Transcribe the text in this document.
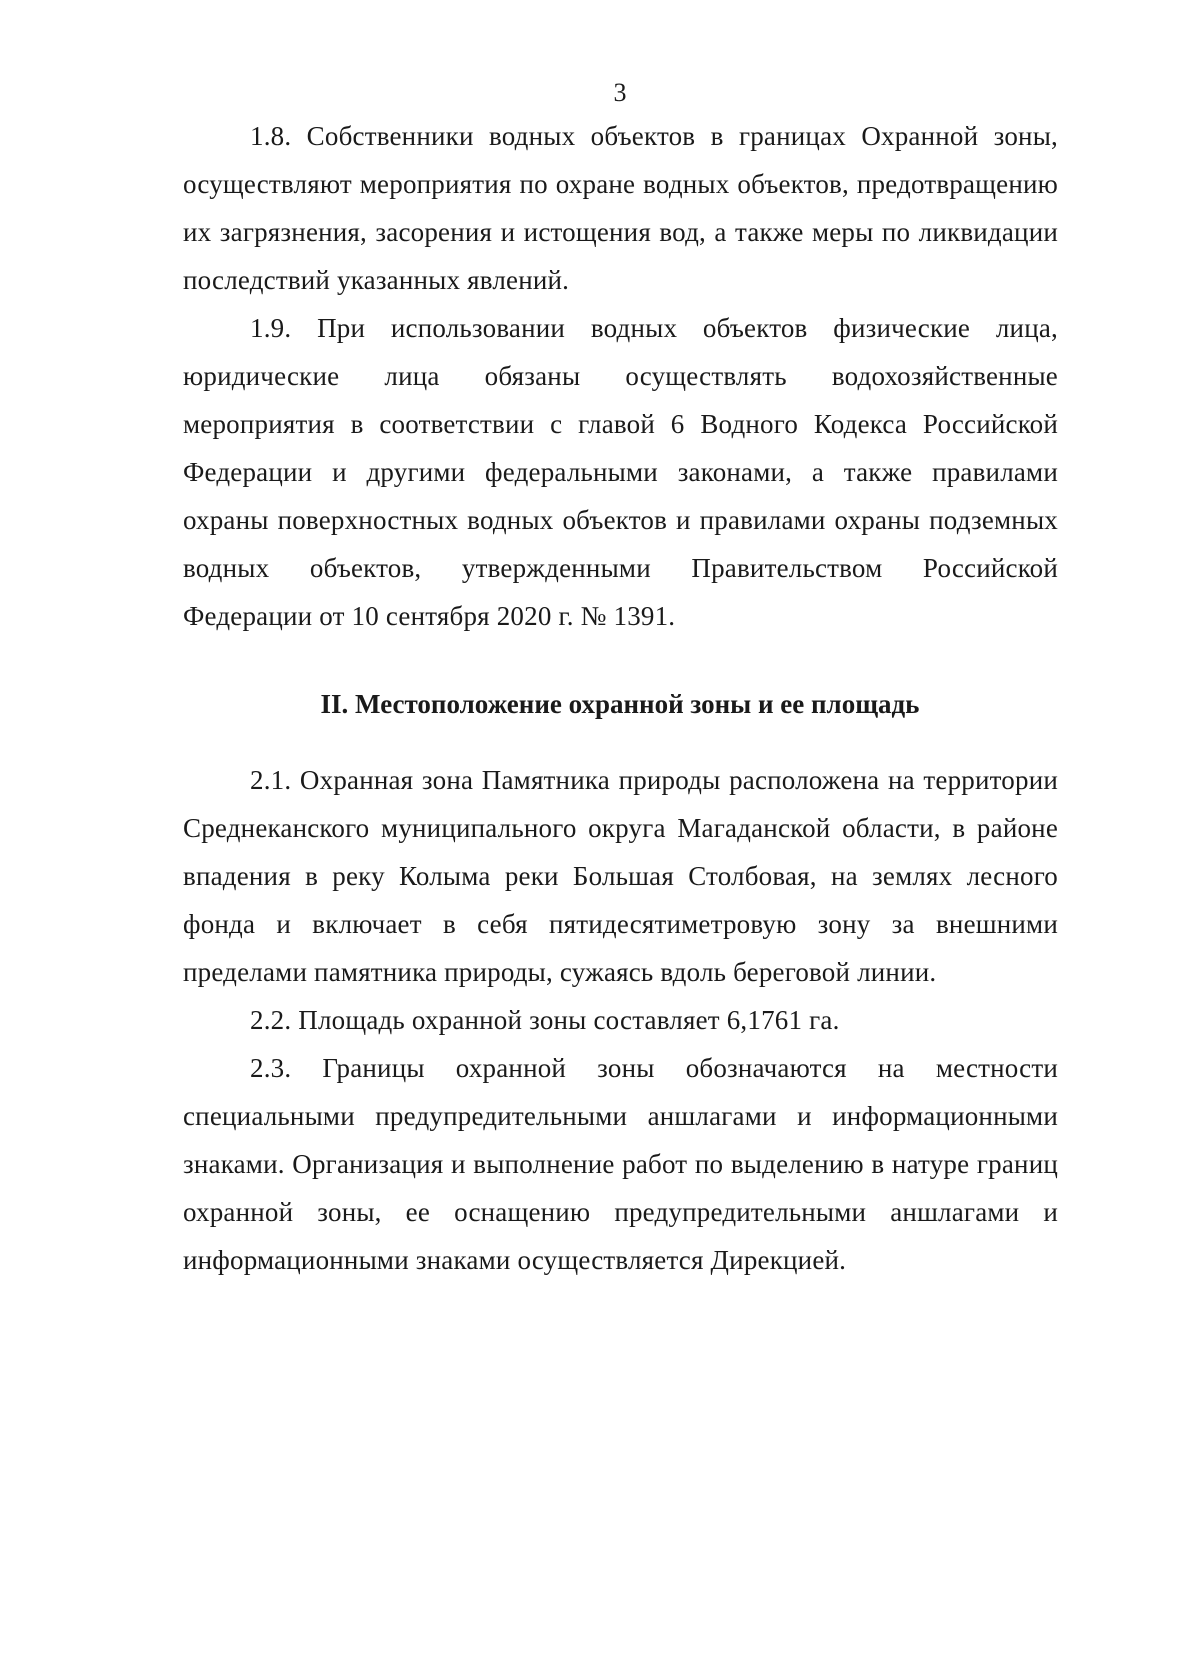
3

1.8. Собственники водных объектов в границах Охранной зоны, осуществляют мероприятия по охране водных объектов, предотвращению их загрязнения, засорения и истощения вод, а также меры по ликвидации последствий указанных явлений.

1.9. При использовании водных объектов физические лица, юридические лица обязаны осуществлять водохозяйственные мероприятия в соответствии с главой 6 Водного Кодекса Российской Федерации и другими федеральными законами, а также правилами охраны поверхностных водных объектов и правилами охраны подземных водных объектов, утвержденными Правительством Российской Федерации от 10 сентября 2020 г. № 1391.

II. Местоположение охранной зоны и ее площадь

2.1. Охранная зона Памятника природы расположена на территории Среднеканского муниципального округа Магаданской области, в районе впадения в реку Колыма реки Большая Столбовая, на землях лесного фонда и включает в себя пятидесятиметровую зону за внешними пределами памятника природы, сужаясь вдоль береговой линии.

2.2. Площадь охранной зоны составляет 6,1761 га.

2.3. Границы охранной зоны обозначаются на местности специальными предупредительными аншлагами и информационными знаками. Организация и выполнение работ по выделению в натуре границ охранной зоны, ее оснащению предупредительными аншлагами и информационными знаками осуществляется Дирекцией.
